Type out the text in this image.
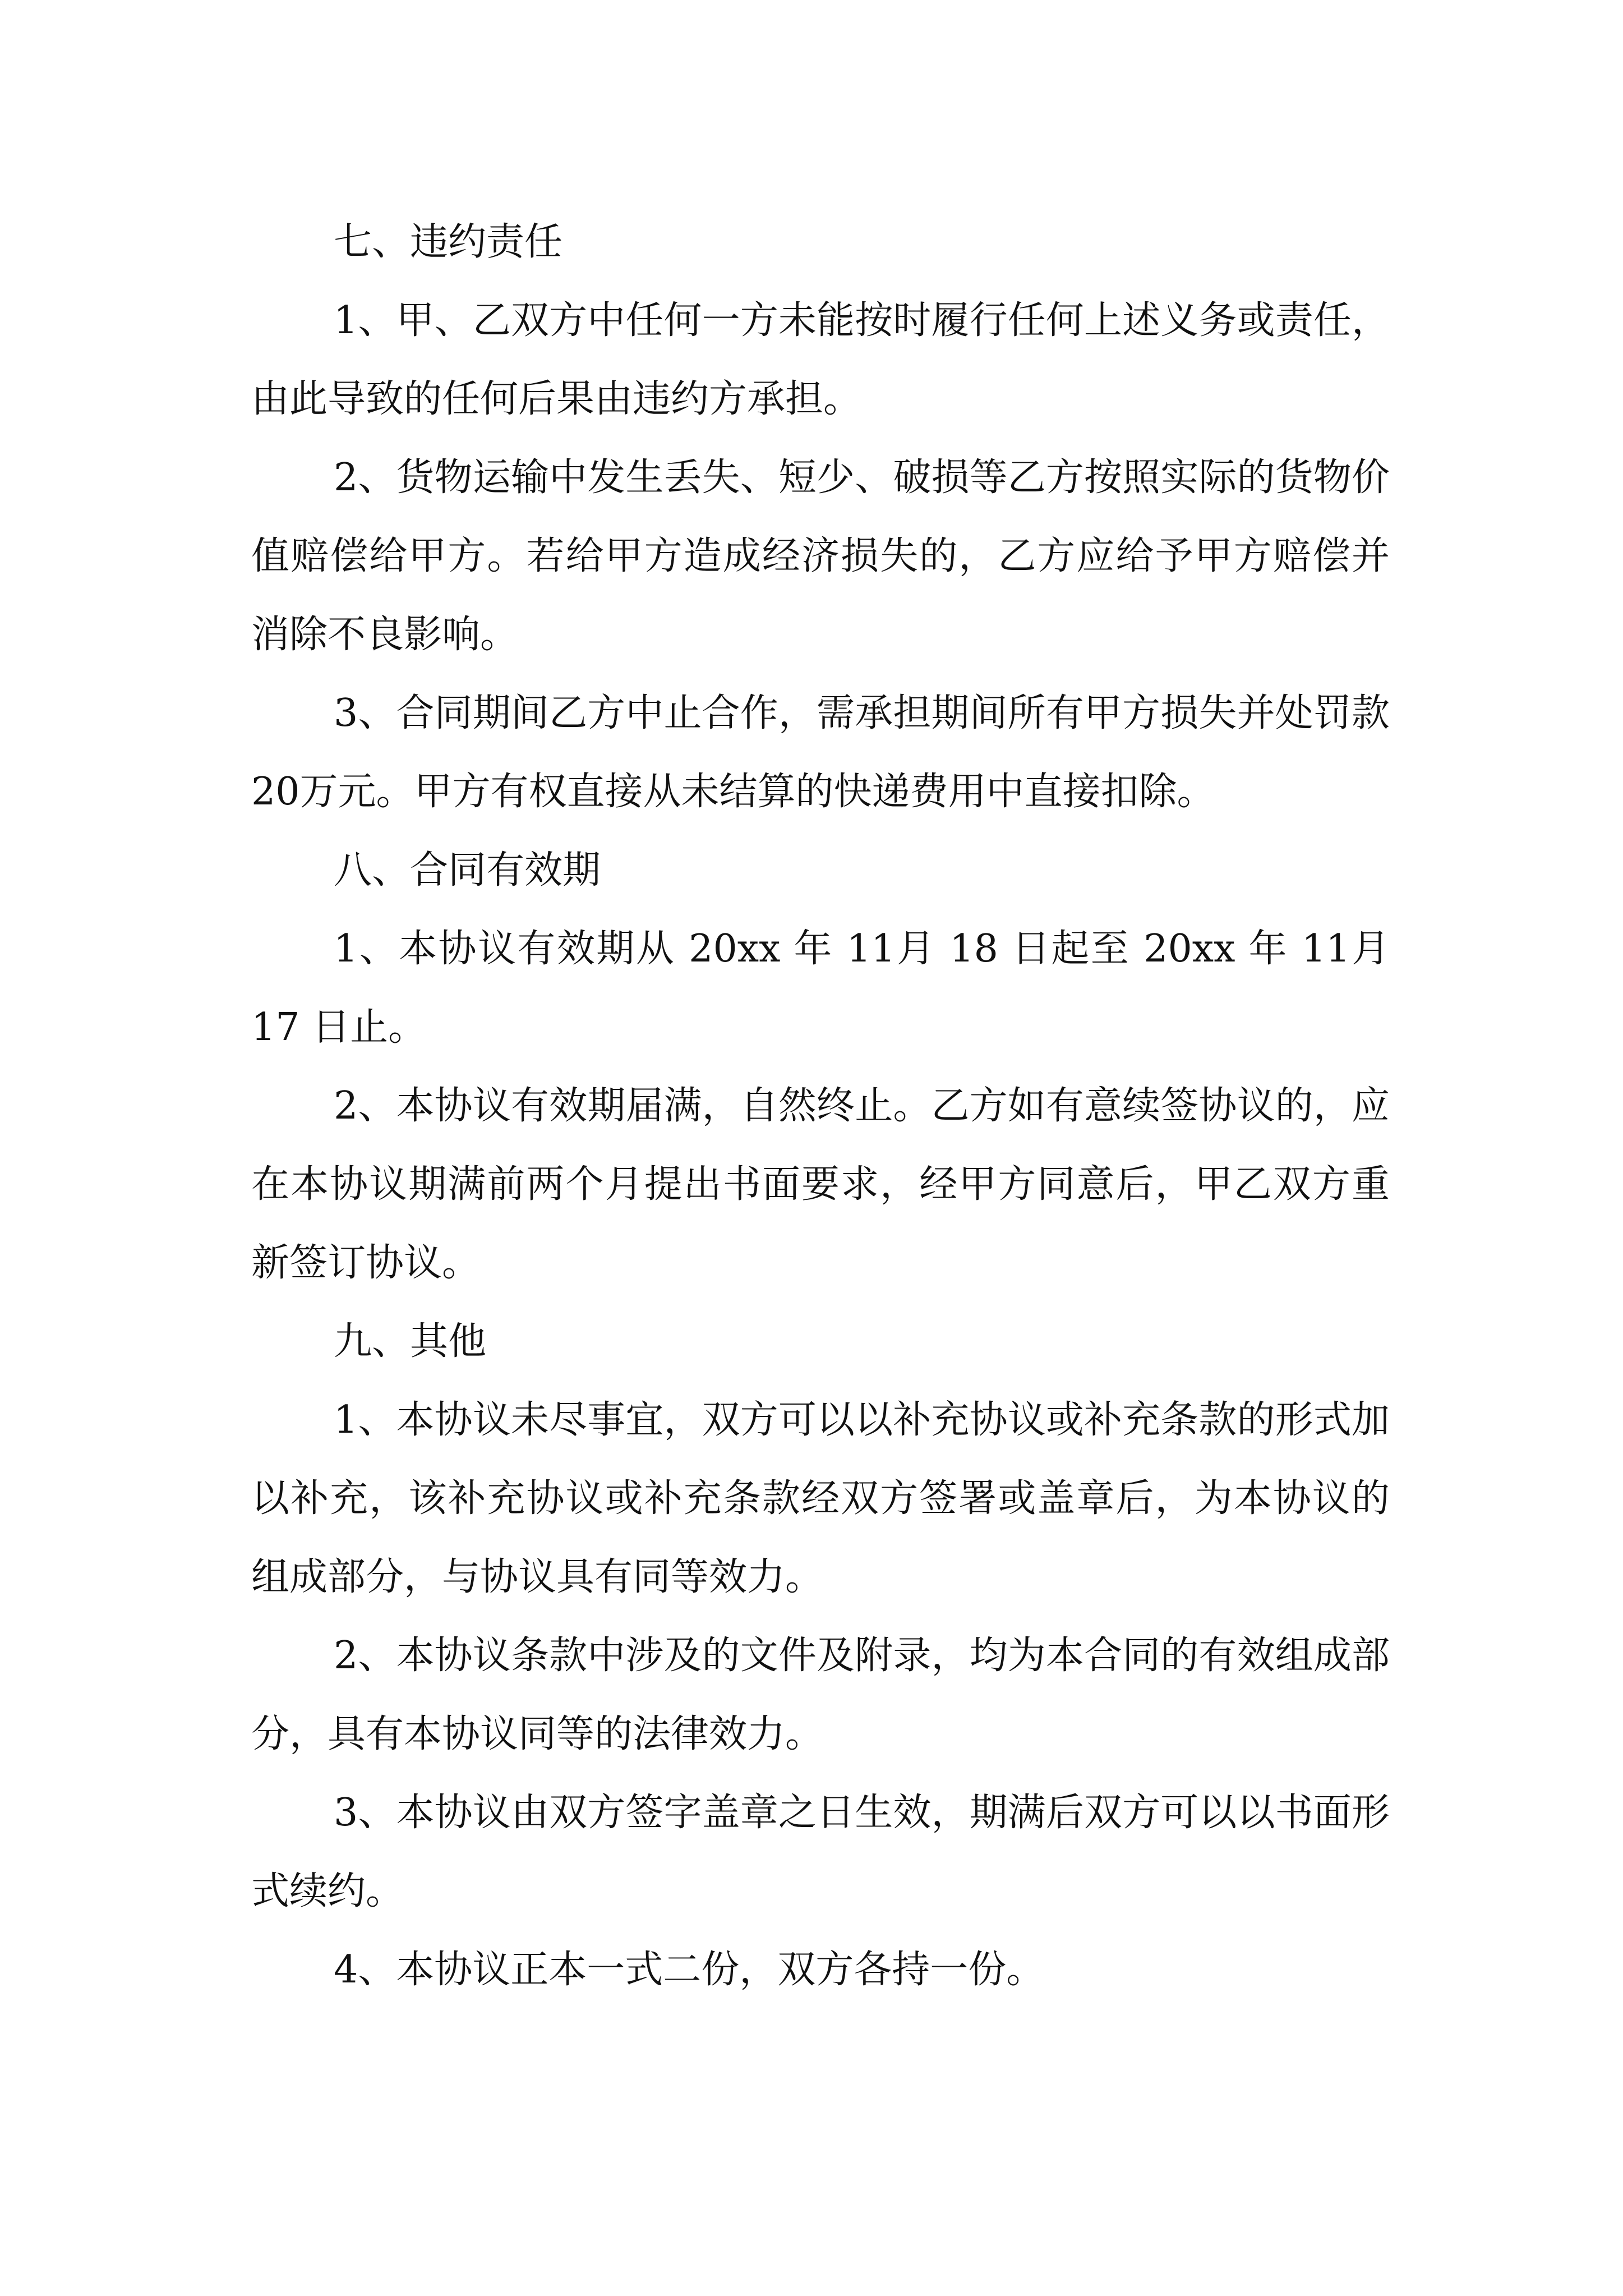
七、违约责任

1、甲、乙双方中任何一方未能按时履行任何上述义务或责任，由此导致的任何后果由违约方承担。

2、货物运输中发生丢失、短少、破损等乙方按照实际的货物价值赔偿给甲方。若给甲方造成经济损失的，乙方应给予甲方赔偿并消除不良影响。

3、合同期间乙方中止合作，需承担期间所有甲方损失并处罚款20万元。甲方有权直接从未结算的快递费用中直接扣除。

八、合同有效期

1、本协议有效期从 20xx 年 11月 18 日起至 20xx 年 11月 17 日止。

2、本协议有效期届满，自然终止。乙方如有意续签协议的，应在本协议期满前两个月提出书面要求，经甲方同意后，甲乙双方重新签订协议。

九、其他

1、本协议未尽事宜，双方可以以补充协议或补充条款的形式加以补充，该补充协议或补充条款经双方签署或盖章后，为本协议的组成部分，与协议具有同等效力。

2、本协议条款中涉及的文件及附录，均为本合同的有效组成部分，具有本协议同等的法律效力。

3、本协议由双方签字盖章之日生效，期满后双方可以以书面形式续约。

4、本协议正本一式二份，双方各持一份。
